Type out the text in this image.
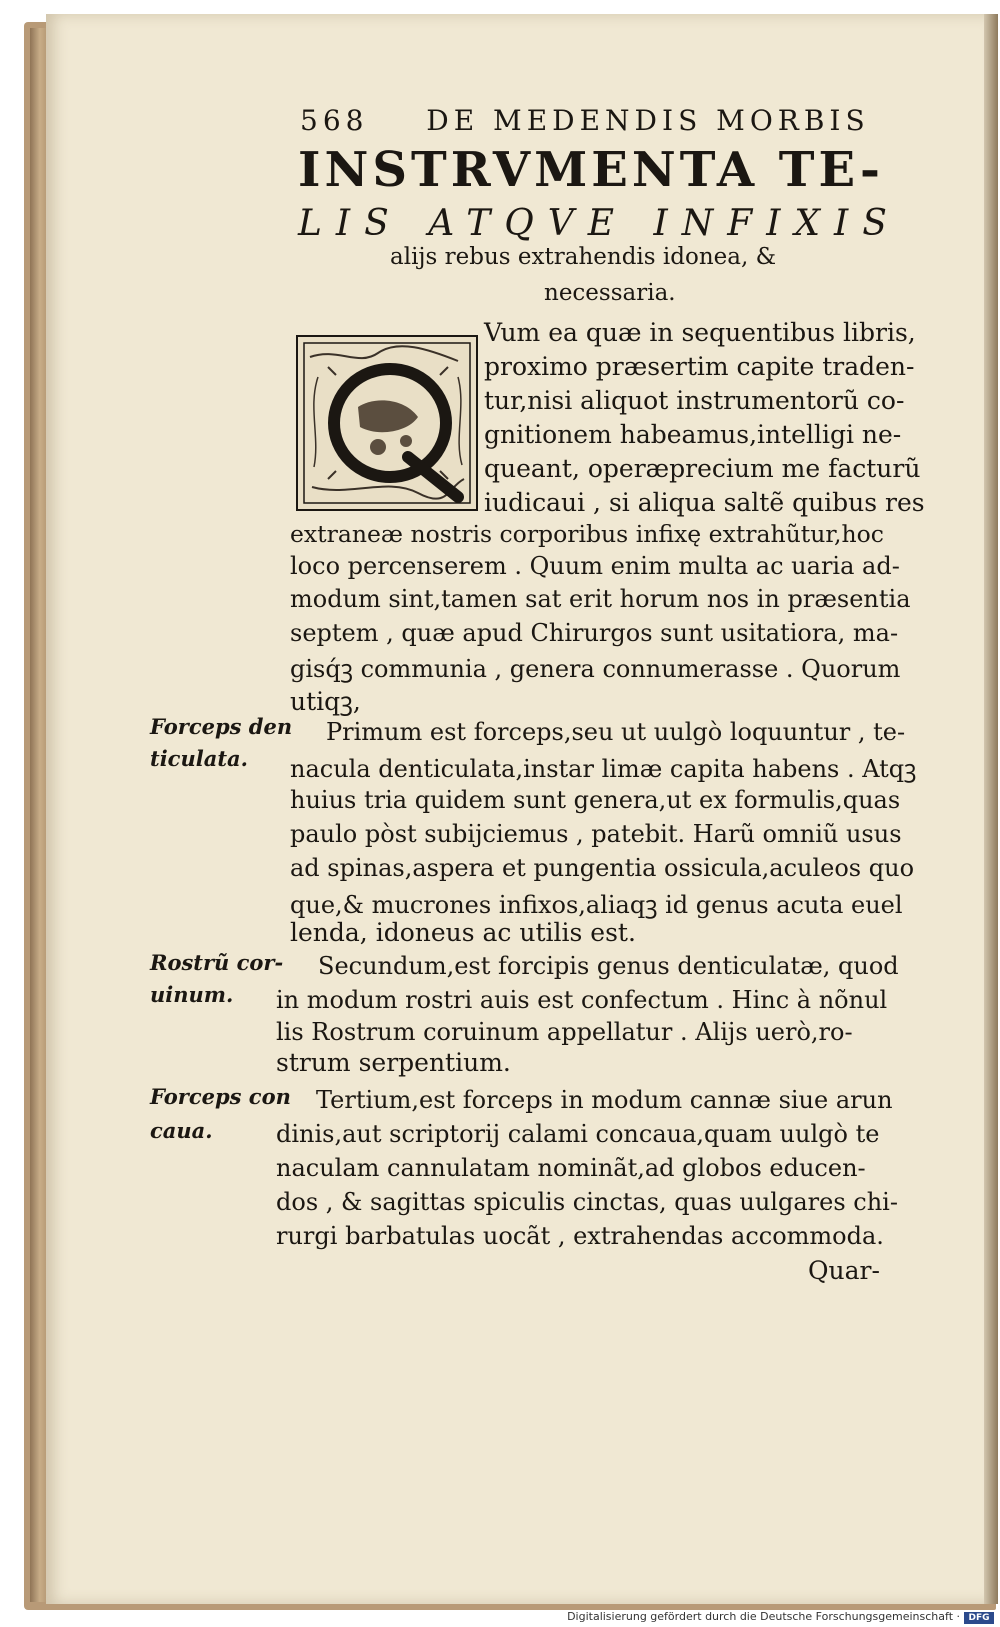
568 DE MEDENDIS MORBIS
INSTRVMENTA TE-
LIS ATQVE INFIXIS
alijs rebus extrahendis idonea, &
necessaria.
Vum ea quæ in sequentibus libris,
proximo præsertim capite traden-
tur,nisi aliquot instrumentorũ co-
gnitionem habeamus,intelligi ne-
queant, operæprecium me facturũ
iudicaui , si aliqua saltẽ quibus res
extraneæ nostris corporibus infixę extrahũtur,hoc
loco percenserem . Quum enim multa ac uaria ad-
modum sint,tamen sat erit horum nos in præsentia
septem , quæ apud Chirurgos sunt usitatiora, ma-
gisq́ꝫ communia , genera connumerasse . Quorum
utiqꝫ,
Primum est forceps,seu ut uulgò loquuntur , te-
nacula denticulata,instar limæ capita habens . Atqꝫ
huius tria quidem sunt genera,ut ex formulis,quas
paulo pòst subijciemus , patebit. Harũ omniũ usus
ad spinas,aspera et pungentia ossicula,aculeos quo
que,& mucrones infixos,aliaqꝫ id genus acuta euel
lenda, idoneus ac utilis est.
Secundum,est forcipis genus denticulatæ, quod
in modum rostri auis est confectum . Hinc à nõnul
lis Rostrum coruinum appellatur . Alijs uerò,ro-
strum serpentium.
Tertium,est forceps in modum cannæ siue arun
dinis,aut scriptorij calami concaua,quam uulgò te
naculam cannulatam nominãt,ad globos educen-
dos , & sagittas spiculis cinctas, quas uulgares chi-
rurgi barbatulas uocãt , extrahendas accommoda.
Quar-
Forceps den
ticulata.
Rostrũ cor-
uinum.
Forceps con
caua.
Digitalisierung gefördert durch die Deutsche Forschungsgemeinschaft · DFG
